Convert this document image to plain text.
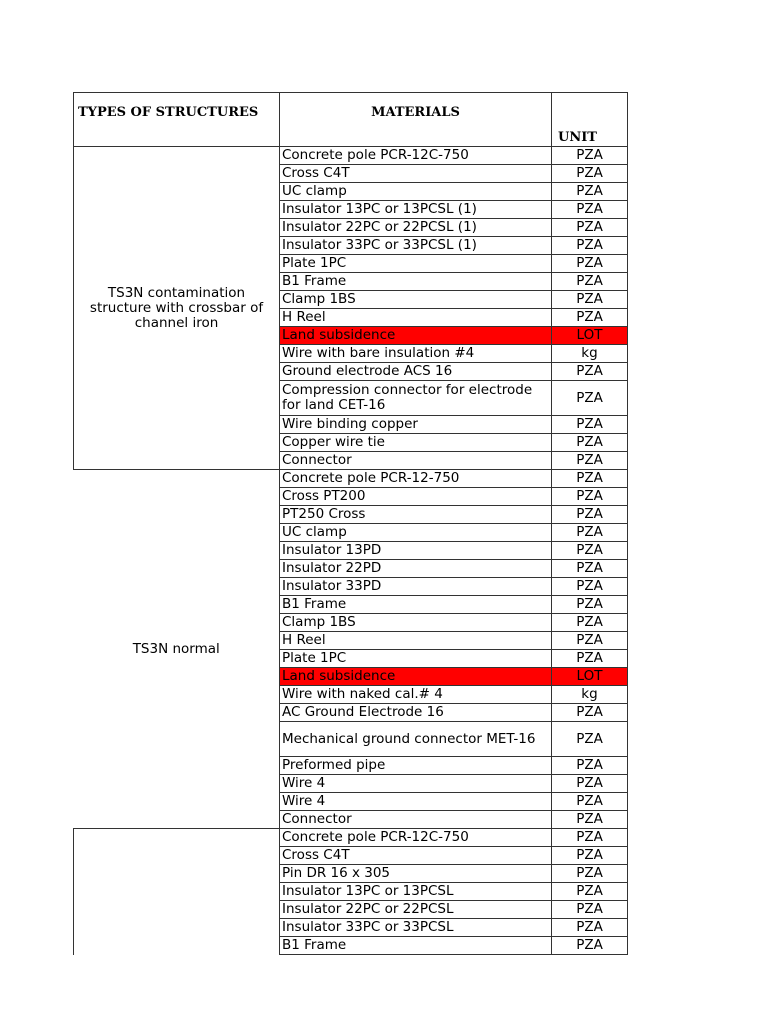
TYPES OF STRUCTURES	MATERIALS	UNIT
TS3N contamination structure with crossbar of channel iron	Concrete pole PCR-12C-750	PZA
	Cross C4T	PZA
	UC clamp	PZA
	Insulator 13PC or 13PCSL (1)	PZA
	Insulator 22PC or 22PCSL (1)	PZA
	Insulator 33PC or 33PCSL (1)	PZA
	Plate 1PC	PZA
	B1 Frame	PZA
	Clamp 1BS	PZA
	H Reel	PZA
	Land subsidence	LOT
	Wire with bare insulation #4	kg
	Ground electrode ACS 16	PZA
	Compression connector for electrode for land CET-16	PZA
	Wire binding copper	PZA
	Copper wire tie	PZA
	Connector	PZA
TS3N normal	Concrete pole PCR-12-750	PZA
	Cross PT200	PZA
	PT250 Cross	PZA
	UC clamp	PZA
	Insulator 13PD	PZA
	Insulator 22PD	PZA
	Insulator 33PD	PZA
	B1 Frame	PZA
	Clamp 1BS	PZA
	H Reel	PZA
	Plate 1PC	PZA
	Land subsidence	LOT
	Wire with naked cal.# 4	kg
	AC Ground Electrode 16	PZA
	Mechanical ground connector MET-16	PZA
	Preformed pipe	PZA
	Wire 4	PZA
	Wire 4	PZA
	Connector	PZA
	Concrete pole PCR-12C-750	PZA
	Cross C4T	PZA
	Pin DR 16 x 305	PZA
	Insulator 13PC or 13PCSL	PZA
	Insulator 22PC or 22PCSL	PZA
	Insulator 33PC or 33PCSL	PZA
	B1 Frame	PZA
